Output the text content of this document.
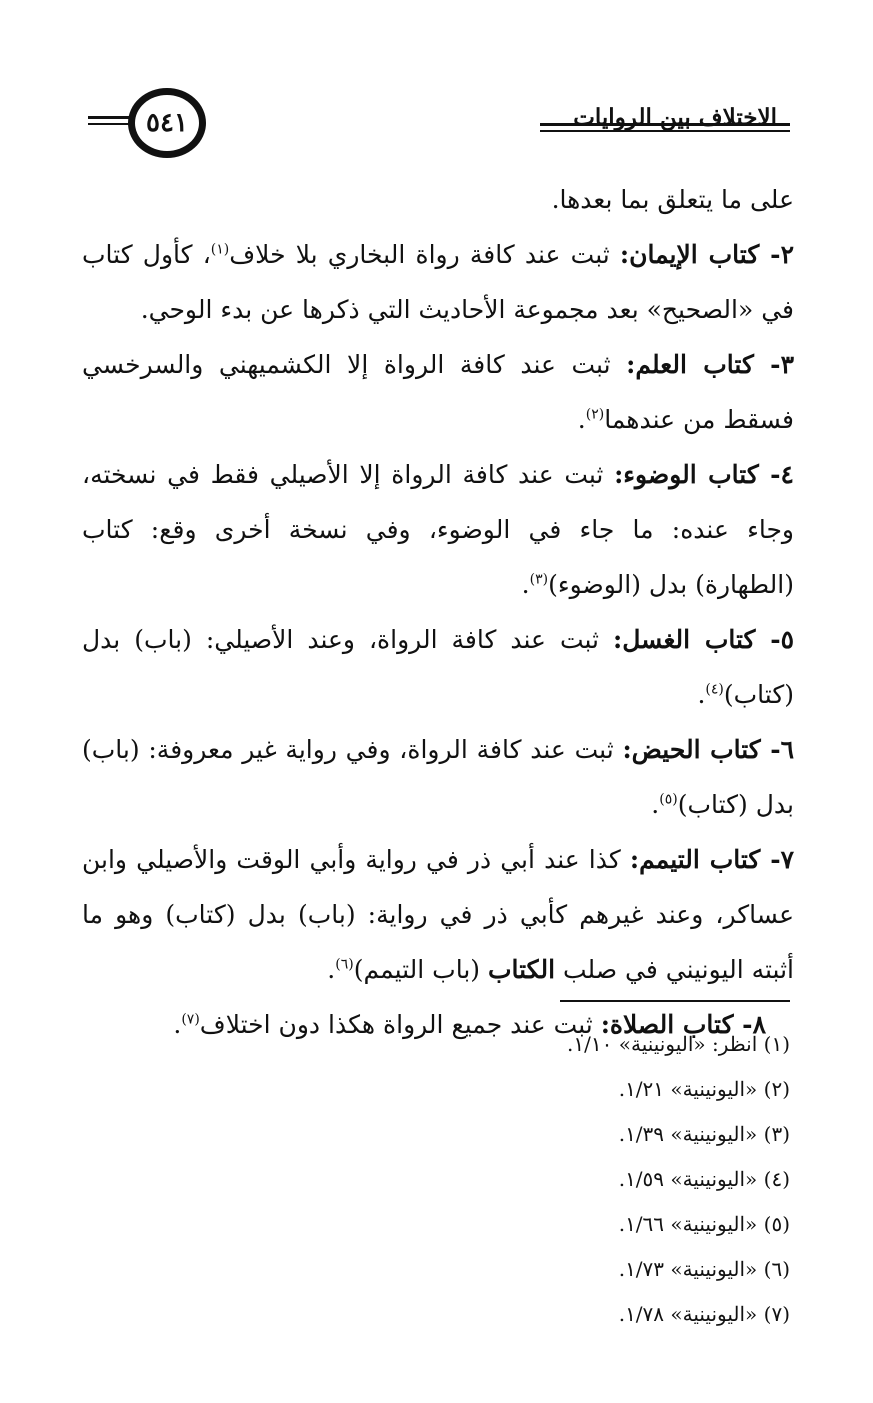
٥٤١	الاختلاف بين الروايات

على ما يتعلق بما بعدها.

٢- كتاب الإيمان: ثبت عند كافة رواة البخاري بلا خلاف$^{(١)}$، كأول كتاب في «الصحيح» بعد مجموعة الأحاديث التي ذكرها عن بدء الوحي.

٣- كتاب العلم: ثبت عند كافة الرواة إلا الكشميهني والسرخسي فسقط من عندهما$^{(٢)}$.

٤- كتاب الوضوء: ثبت عند كافة الرواة إلا الأصيلي فقط في نسخته، وجاء عنده: ما جاء في الوضوء، وفي نسخة أخرى وقع: كتاب (الطهارة) بدل (الوضوء)$^{(٣)}$.

٥- كتاب الغسل: ثبت عند كافة الرواة، وعند الأصيلي: (باب) بدل (كتاب)$^{(٤)}$.

٦- كتاب الحيض: ثبت عند كافة الرواة، وفي رواية غير معروفة: (باب) بدل (كتاب)$^{(٥)}$.

٧- كتاب التيمم: كذا عند أبي ذر في رواية وأبي الوقت والأصيلي وابن عساكر، وعند غيرهم كأبي ذر في رواية: (باب) بدل (كتاب) وهو ما أثبته اليونيني في صلب الكتاب (باب التيمم)$^{(٦)}$.

٨- كتاب الصلاة: ثبت عند جميع الرواة هكذا دون اختلاف$^{(٧)}$.

(١) انظر: «اليونينية» ١/١٠.
(٢) «اليونينية» ١/٢١.
(٣) «اليونينية» ١/٣٩.
(٤) «اليونينية» ١/٥٩.
(٥) «اليونينية» ١/٦٦.
(٦) «اليونينية» ١/٧٣.
(٧) «اليونينية» ١/٧٨.
